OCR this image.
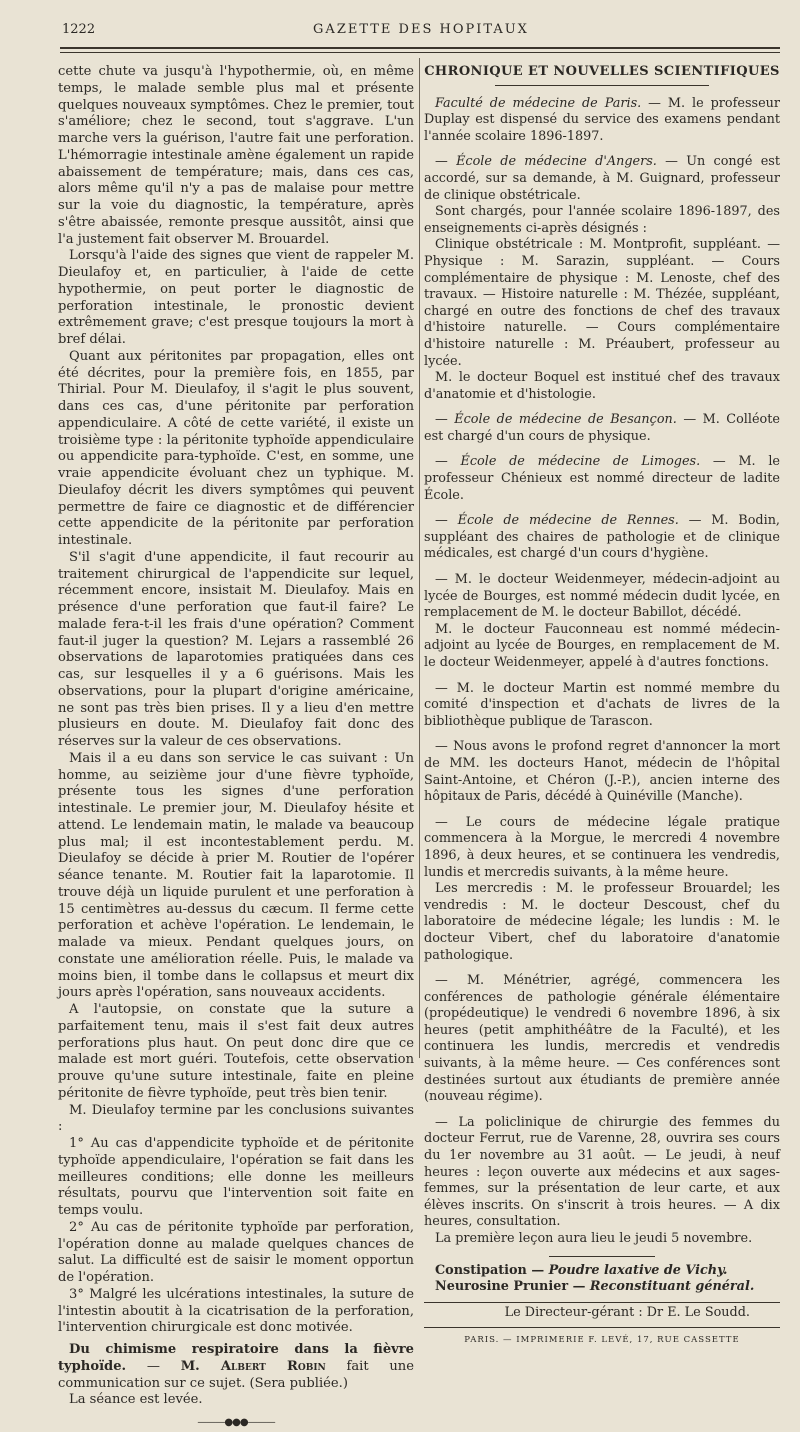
1222	GAZETTE DES HOPITAUX

cette chute va jusqu'à l'hypothermie, où, en même temps, le malade semble plus mal et présente quelques nouveaux symptômes. Chez le premier, tout s'améliore; chez le second, tout s'aggrave. L'un marche vers la guérison, l'autre fait une perforation. L'hémorragie intestinale amène également un rapide abaissement de température; mais, dans ces cas, alors même qu'il n'y a pas de malaise pour mettre sur la voie du diagnostic, la température, après s'être abaissée, remonte presque aussitôt, ainsi que l'a justement fait observer M. Brouardel.

Lorsqu'à l'aide des signes que vient de rappeler M. Dieulafoy et, en particulier, à l'aide de cette hypothermie, on peut porter le diagnostic de perforation intestinale, le pronostic devient extrêmement grave; c'est presque toujours la mort à bref délai.

Quant aux péritonites par propagation, elles ont été décrites, pour la première fois, en 1855, par Thirial. Pour M. Dieulafoy, il s'agit le plus souvent, dans ces cas, d'une péritonite par perforation appendiculaire. A côté de cette variété, il existe un troisième type : la péritonite typhoïde appendiculaire ou appendicite para-typhoïde. C'est, en somme, une vraie appendicite évoluant chez un typhique. M. Dieulafoy décrit les divers symptômes qui peuvent permettre de faire ce diagnostic et de différencier cette appendicite de la péritonite par perforation intestinale.

S'il s'agit d'une appendicite, il faut recourir au traitement chirurgical de l'appendicite sur lequel, récemment encore, insistait M. Dieulafoy. Mais en présence d'une perforation que faut-il faire? Le malade fera-t-il les frais d'une opération? Comment faut-il juger la question? M. Lejars a rassemblé 26 observations de laparotomies pratiquées dans ces cas, sur lesquelles il y a 6 guérisons. Mais les observations, pour la plupart d'origine américaine, ne sont pas très bien prises. Il y a lieu d'en mettre plusieurs en doute. M. Dieulafoy fait donc des réserves sur la valeur de ces observations.

Mais il a eu dans son service le cas suivant : Un homme, au seizième jour d'une fièvre typhoïde, présente tous les signes d'une perforation intestinale. Le premier jour, M. Dieulafoy hésite et attend. Le lendemain matin, le malade va beaucoup plus mal; il est incontestablement perdu. M. Dieulafoy se décide à prier M. Routier de l'opérer séance tenante. M. Routier fait la laparotomie. Il trouve déjà un liquide purulent et une perforation à 15 centimètres au-dessus du cæcum. Il ferme cette perforation et achève l'opération. Le lendemain, le malade va mieux. Pendant quelques jours, on constate une amélioration réelle. Puis, le malade va moins bien, il tombe dans le collapsus et meurt dix jours après l'opération, sans nouveaux accidents.

A l'autopsie, on constate que la suture a parfaitement tenu, mais il s'est fait deux autres perforations plus haut. On peut donc dire que ce malade est mort guéri. Toutefois, cette observation prouve qu'une suture intestinale, faite en pleine péritonite de fièvre typhoïde, peut très bien tenir.

M. Dieulafoy termine par les conclusions suivantes :

1° Au cas d'appendicite typhoïde et de péritonite typhoïde appendiculaire, l'opération se fait dans les meilleures conditions; elle donne les meilleurs résultats, pourvu que l'intervention soit faite en temps voulu.

2° Au cas de péritonite typhoïde par perforation, l'opération donne au malade quelques chances de salut. La difficulté est de saisir le moment opportun de l'opération.

3° Malgré les ulcérations intestinales, la suture de l'intestin aboutit à la cicatrisation de la perforation, l'intervention chirurgicale est donc motivée.

Du chimisme respiratoire dans la fièvre typhoïde. — M. Albert Robin fait une communication sur ce sujet. (Sera publiée.)

La séance est levée.

———●●●———
CHRONIQUE ET NOUVELLES SCIENTIFIQUES

Faculté de médecine de Paris. — M. le professeur Duplay est dispensé du service des examens pendant l'année scolaire 1896-1897.

— École de médecine d'Angers. — Un congé est accordé, sur sa demande, à M. Guignard, professeur de clinique obstétricale.

Sont chargés, pour l'année scolaire 1896-1897, des enseignements ci-après désignés :

Clinique obstétricale : M. Montprofit, suppléant. — Physique : M. Sarazin, suppléant. — Cours complémentaire de physique : M. Lenoste, chef des travaux. — Histoire naturelle : M. Thézée, suppléant, chargé en outre des fonctions de chef des travaux d'histoire naturelle. — Cours complémentaire d'histoire naturelle : M. Préaubert, professeur au lycée.

M. le docteur Boquel est institué chef des travaux d'anatomie et d'histologie.

— École de médecine de Besançon. — M. Colléote est chargé d'un cours de physique.

— École de médecine de Limoges. — M. le professeur Chénieux est nommé directeur de ladite École.

— École de médecine de Rennes. — M. Bodin, suppléant des chaires de pathologie et de clinique médicales, est chargé d'un cours d'hygiène.

— M. le docteur Weidenmeyer, médecin-adjoint au lycée de Bourges, est nommé médecin dudit lycée, en remplacement de M. le docteur Babillot, décédé.

M. le docteur Fauconneau est nommé médecin-adjoint au lycée de Bourges, en remplacement de M. le docteur Weidenmeyer, appelé à d'autres fonctions.

— M. le docteur Martin est nommé membre du comité d'inspection et d'achats de livres de la bibliothèque publique de Tarascon.

— Nous avons le profond regret d'annoncer la mort de MM. les docteurs Hanot, médecin de l'hôpital Saint-Antoine, et Chéron (J.-P.), ancien interne des hôpitaux de Paris, décédé à Quinéville (Manche).

— Le cours de médecine légale pratique commencera à la Morgue, le mercredi 4 novembre 1896, à deux heures, et se continuera les vendredis, lundis et mercredis suivants, à la même heure.

Les mercredis : M. le professeur Brouardel; les vendredis : M. le docteur Descoust, chef du laboratoire de médecine légale; les lundis : M. le docteur Vibert, chef du laboratoire d'anatomie pathologique.

— M. Ménétrier, agrégé, commencera les conférences de pathologie générale élémentaire (propédeutique) le vendredi 6 novembre 1896, à six heures (petit amphithéâtre de la Faculté), et les continuera les lundis, mercredis et vendredis suivants, à la même heure. — Ces conférences sont destinées surtout aux étudiants de première année (nouveau régime).

— La policlinique de chirurgie des femmes du docteur Ferrut, rue de Varenne, 28, ouvrira ses cours du 1er novembre au 31 août. — Le jeudi, à neuf heures : leçon ouverte aux médecins et aux sages-femmes, sur la présentation de leur carte, et aux élèves inscrits. On s'inscrit à trois heures. — A dix heures, consultation.

La première leçon aura lieu le jeudi 5 novembre.

Constipation — Poudre laxative de Vichy.

Neurosine Prunier — Reconstituant général.

Le Directeur-gérant : Dr E. Le Soudd.

PARIS. — IMPRIMERIE F. LEVÉ, 17, RUE CASSETTE
